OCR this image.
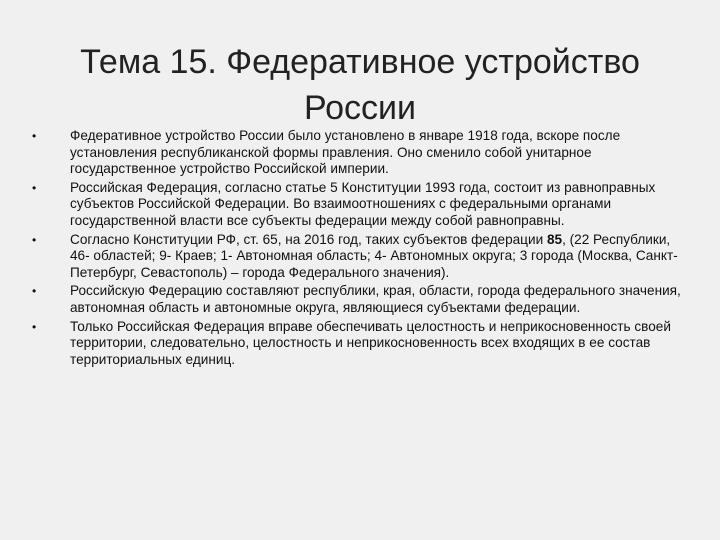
Тема 15. Федеративное устройство России
• Федеративное устройство России было установлено в январе 1918 года, вскоре после установления республиканской формы правления. Оно сменило собой унитарное государственное устройство Российской империи.
• Российская Федерация, согласно статье 5 Конституции 1993 года, состоит из равноправных субъектов Российской Федерации. Во взаимоотношениях с федеральными органами государственной власти все субъекты федерации между собой равноправны.
• Согласно Конституции РФ, ст. 65, на 2016 год, таких субъектов федерации 85, (22 Республики, 46- областей; 9- Краев; 1- Автономная область; 4- Автономных округа; 3 города (Москва, Санкт-Петербург, Севастополь) – города Федерального значения).
• Российскую Федерацию составляют республики, края, области, города федерального значения, автономная область и автономные округа, являющиеся субъектами федерации.
• Только Российская Федерация вправе обеспечивать целостность и неприкосновенность своей территории, следовательно, целостность и неприкосновенность всех входящих в ее состав территориальных единиц.
